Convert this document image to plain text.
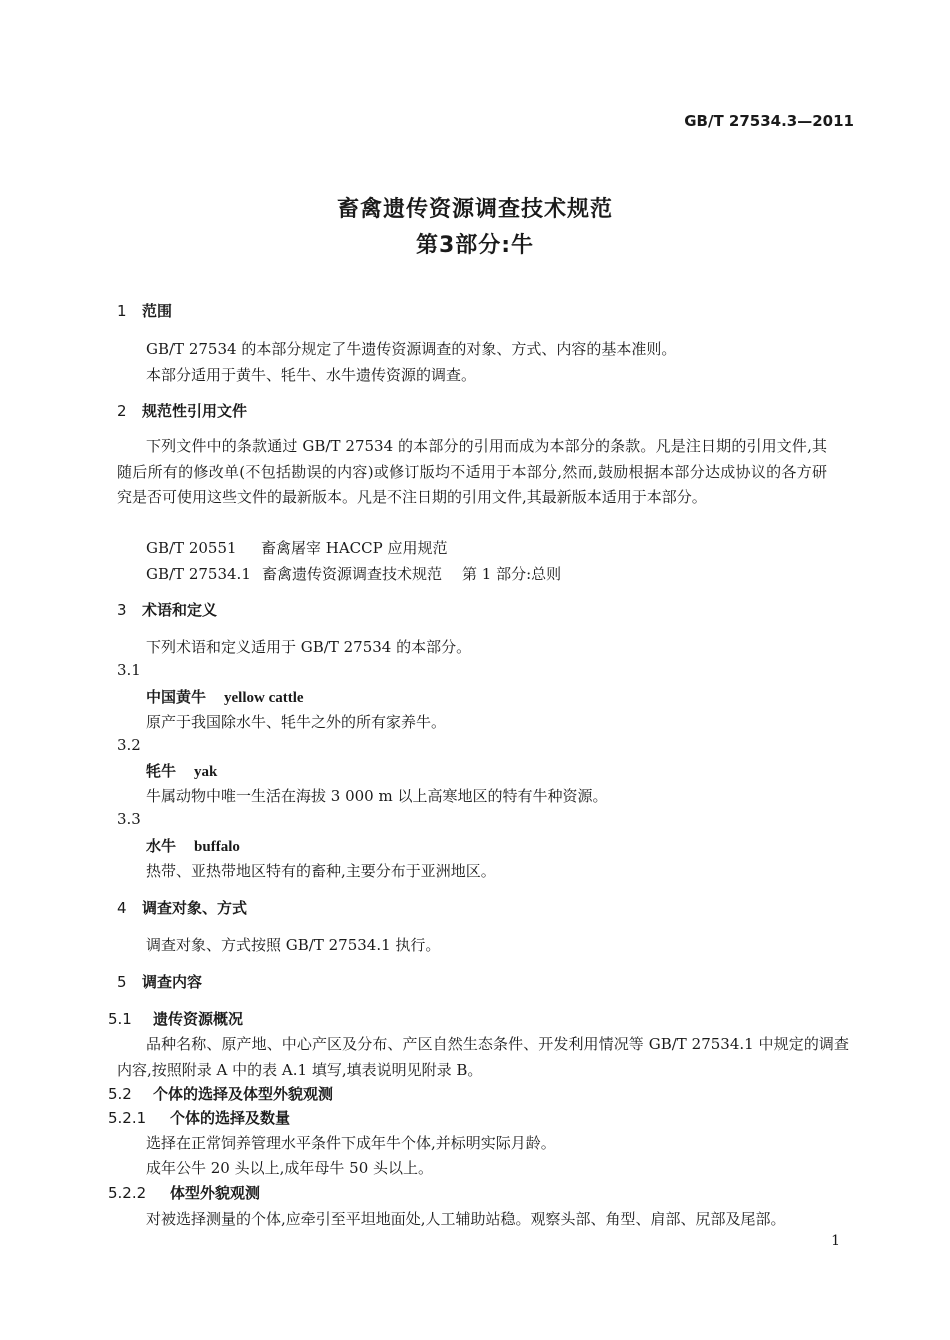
GB/T 27534.3—2011
畜禽遗传资源调查技术规范
第3部分:牛
1 范围
GB/T 27534 的本部分规定了牛遗传资源调查的对象、方式、内容的基本准则。
本部分适用于黄牛、牦牛、水牛遗传资源的调查。
2 规范性引用文件
下列文件中的条款通过 GB/T 27534 的本部分的引用而成为本部分的条款。凡是注日期的引用文件,其随后所有的修改单(不包括勘误的内容)或修订版均不适用于本部分,然而,鼓励根据本部分达成协议的各方研究是否可使用这些文件的最新版本。凡是不注日期的引用文件,其最新版本适用于本部分。
GB/T 20551 畜禽屠宰 HACCP 应用规范
GB/T 27534.1 畜禽遗传资源调查技术规范 第 1 部分:总则
3 术语和定义
下列术语和定义适用于 GB/T 27534 的本部分。
3.1
中国黄牛 yellow cattle
原产于我国除水牛、牦牛之外的所有家养牛。
3.2
牦牛 yak
牛属动物中唯一生活在海拔 3 000 m 以上高寒地区的特有牛种资源。
3.3
水牛 buffalo
热带、亚热带地区特有的畜种,主要分布于亚洲地区。
4 调查对象、方式
调查对象、方式按照 GB/T 27534.1 执行。
5 调查内容
5.1 遗传资源概况
品种名称、原产地、中心产区及分布、产区自然生态条件、开发利用情况等 GB/T 27534.1 中规定的调查内容,按照附录 A 中的表 A.1 填写,填表说明见附录 B。
5.2 个体的选择及体型外貌观测
5.2.1 个体的选择及数量
选择在正常饲养管理水平条件下成年牛个体,并标明实际月龄。
成年公牛 20 头以上,成年母牛 50 头以上。
5.2.2 体型外貌观测
对被选择测量的个体,应牵引至平坦地面处,人工辅助站稳。观察头部、角型、肩部、尻部及尾部。
1
